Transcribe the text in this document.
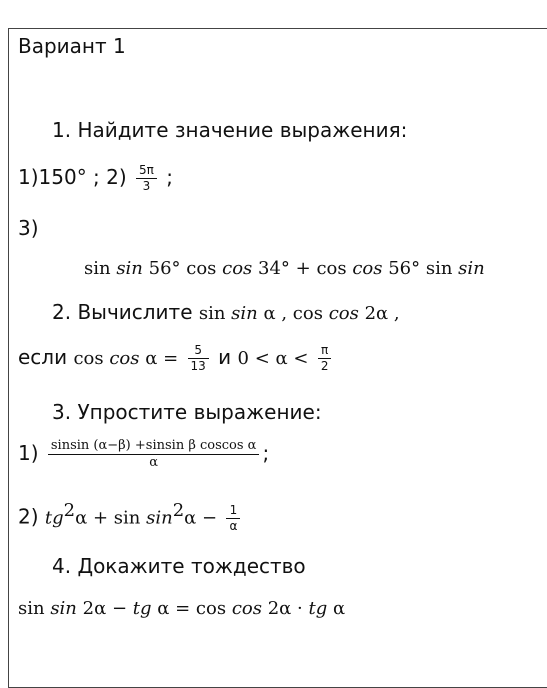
Вариант 1
1. Найдите значение выражения:
1)150° ; $2) \frac{5\pi}{3}$ ;
3)
sin sin 56° cos cos 34° + cos cos 56° sin sin
2. Вычислите sin sin α , cos cos 2α ,
если $\cos \cos \alpha = \frac{5}{13}$ и $0 < \alpha < \frac{\pi}{2}$
3. Упростите выражение:
$1) \frac{\text{sinsin (α−β) +sinsin β coscos α}}{\alpha}$ ;
2) $tg^2\alpha + \sin \sin^2\alpha - \frac{1}{\alpha}$
4. Докажите тождество
sin sin 2α − tg α = cos cos 2α · tg α
